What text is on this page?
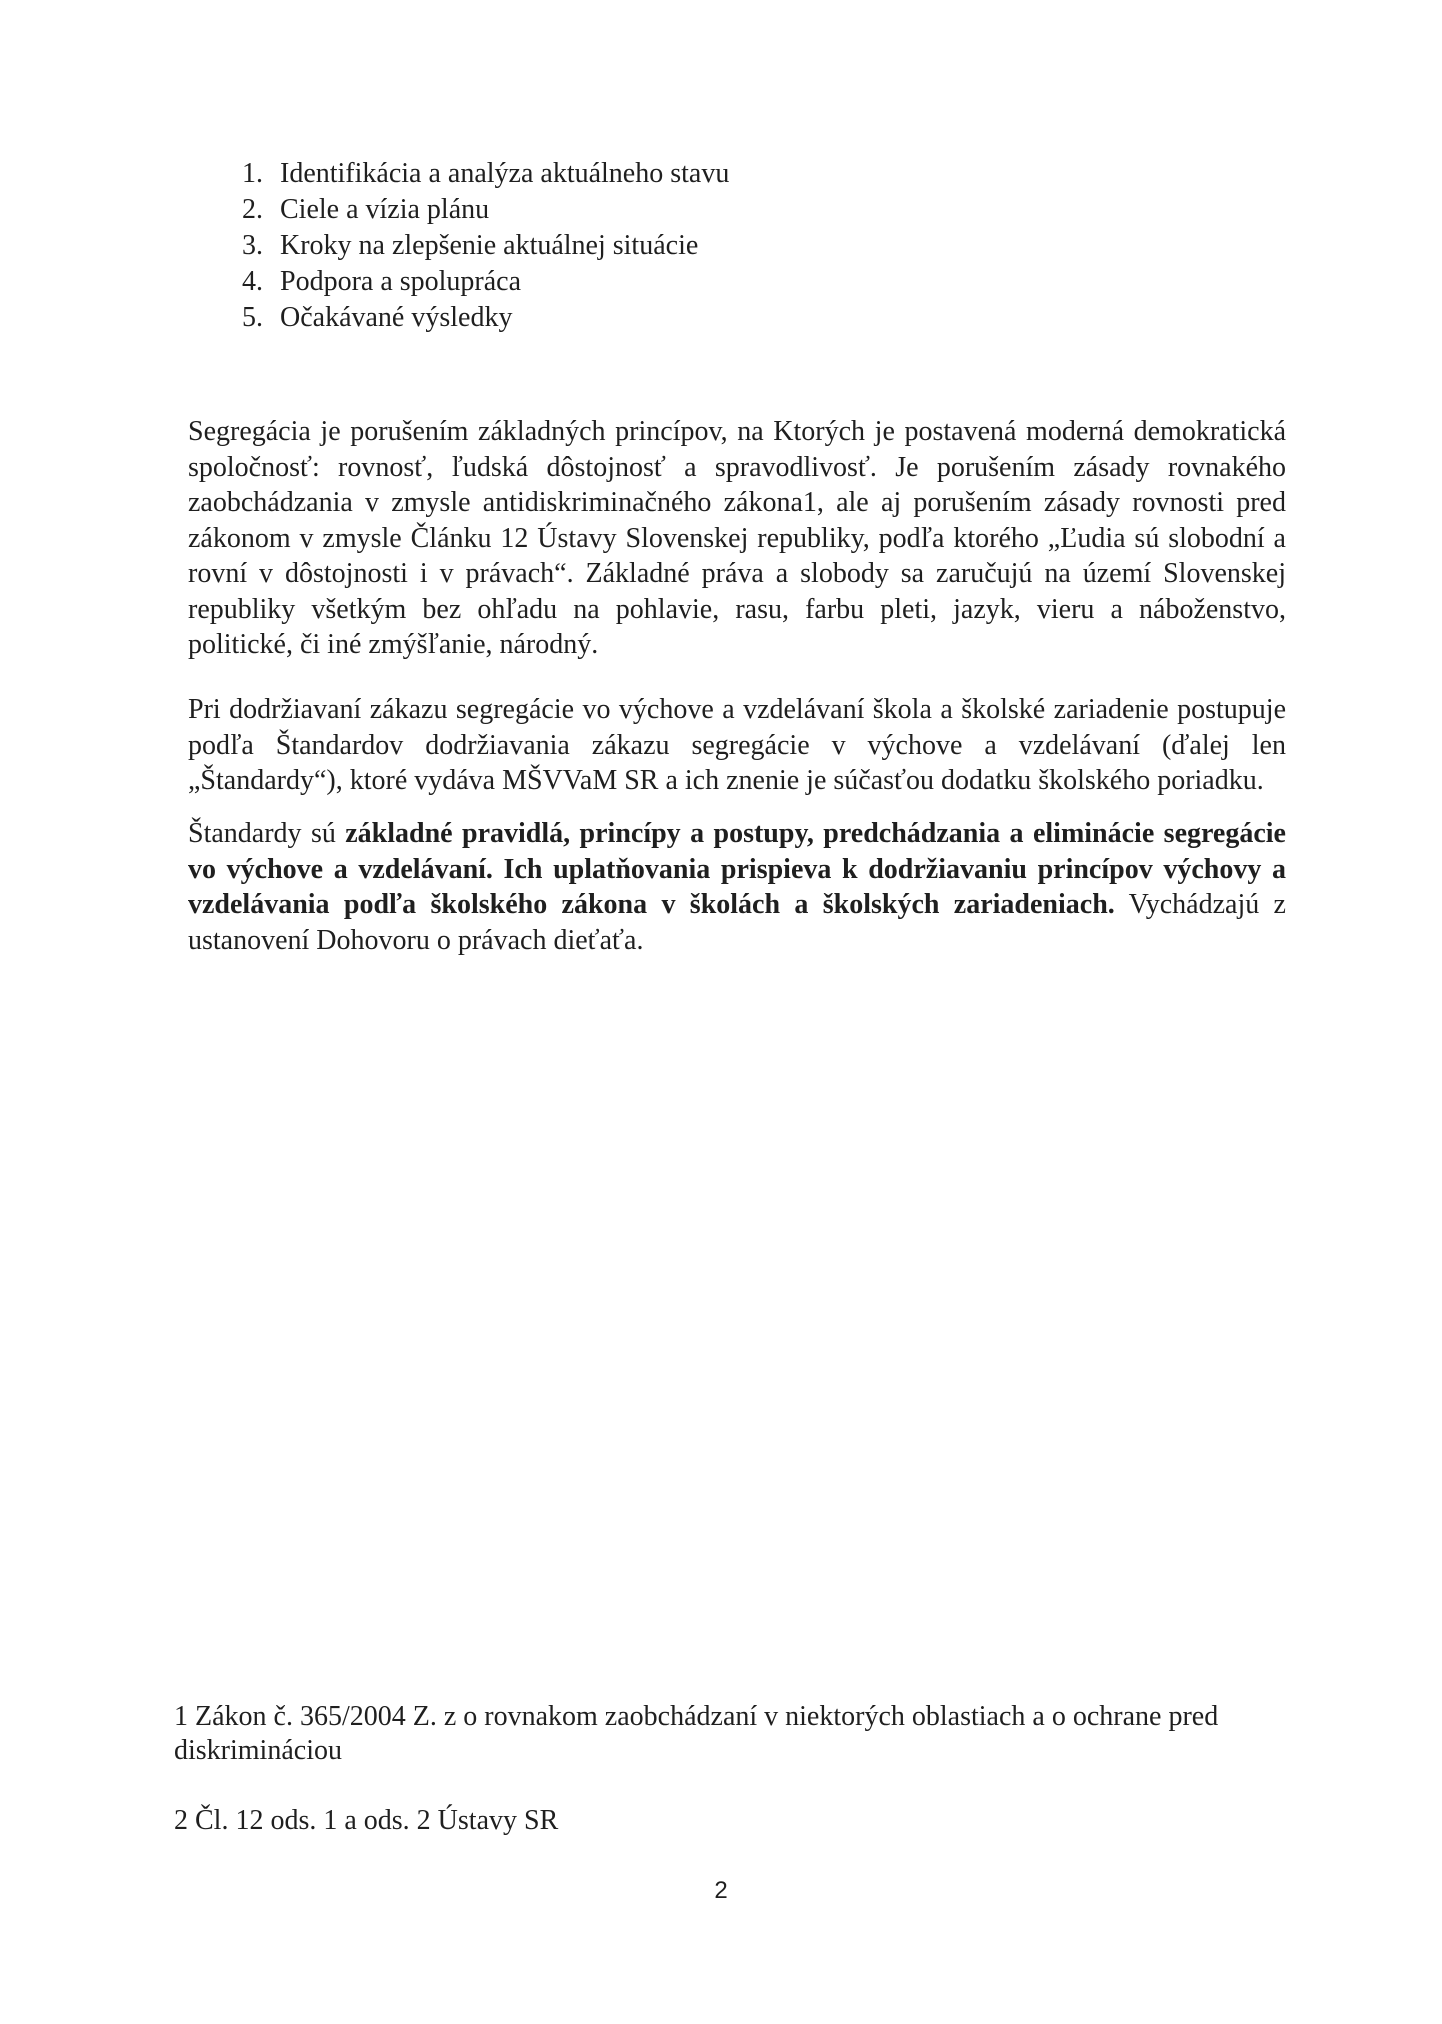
1. Identifikácia a analýza aktuálneho stavu
2. Ciele a vízia plánu
3. Kroky na zlepšenie aktuálnej situácie
4. Podpora a spolupráca
5. Očakávané výsledky

Segregácia je porušením základných princípov, na Ktorých je postavená moderná demokratická spoločnosť: rovnosť, ľudská dôstojnosť a spravodlivosť. Je porušením zásady rovnakého zaobchádzania v zmysle antidiskriminačného zákona1, ale aj porušením zásady rovnosti pred zákonom v zmysle Článku 12 Ústavy Slovenskej republiky, podľa ktorého „Ľudia sú slobodní a rovní v dôstojnosti i v právach“. Základné práva a slobody sa zaručujú na území Slovenskej republiky všetkým bez ohľadu na pohlavie, rasu, farbu pleti, jazyk, vieru a náboženstvo, politické, či iné zmýšľanie, národný.

Pri dodržiavaní zákazu segregácie vo výchove a vzdelávaní škola a školské zariadenie postupuje podľa Štandardov dodržiavania zákazu segregácie v výchove a vzdelávaní (ďalej len „Štandardy“), ktoré vydáva MŠVVaM SR a ich znenie je súčasťou dodatku školského poriadku.

Štandardy sú základné pravidlá, princípy a postupy, predchádzania a eliminácie segregácie vo výchove a vzdelávaní. Ich uplatňovania prispieva k dodržiavaniu princípov výchovy a vzdelávania podľa školského zákona v školách a školských zariadeniach. Vychádzajú z ustanovení Dohovoru o právach dieťaťa.

1 Zákon č. 365/2004 Z. z o rovnakom zaobchádzaní v niektorých oblastiach a o ochrane pred diskrimináciou

2 Čl. 12 ods. 1 a ods. 2 Ústavy SR

2
